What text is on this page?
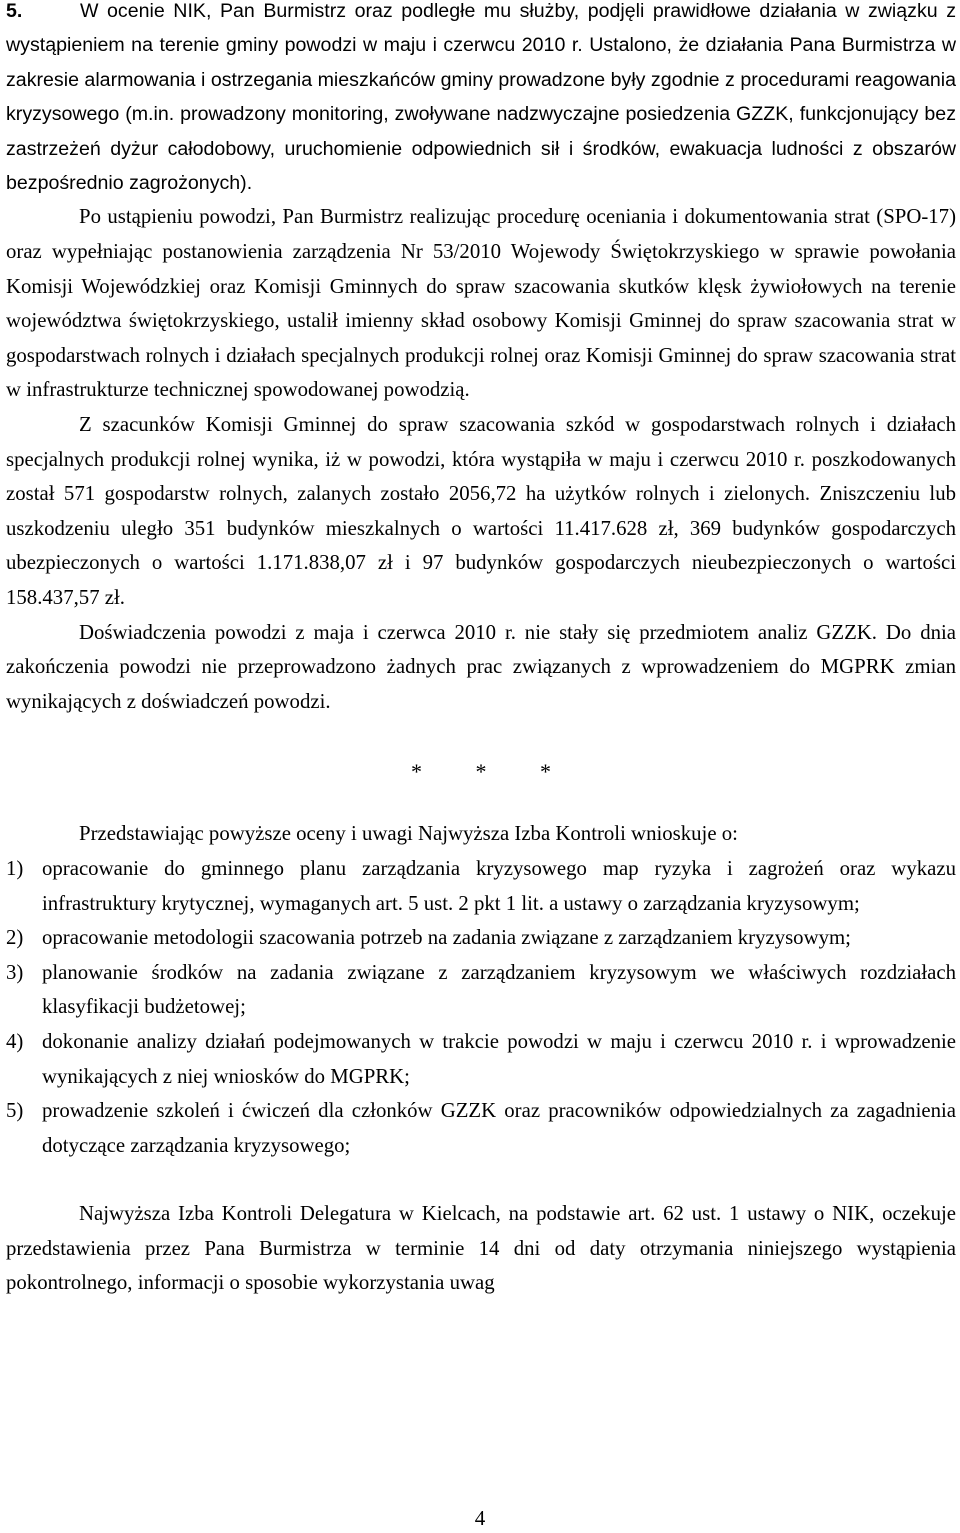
5.	W ocenie NIK, Pan Burmistrz oraz podległe mu służby, podjęli prawidłowe działania w związku z wystąpieniem na terenie gminy powodzi w maju i czerwcu 2010 r. Ustalono, że działania Pana Burmistrza w zakresie alarmowania i ostrzegania mieszkańców gminy prowadzone były zgodnie z procedurami reagowania kryzysowego (m.in. prowadzony monitoring, zwoływane nadzwyczajne posiedzenia GZZK, funkcjonujący bez zastrzeżeń dyżur całodobowy, uruchomienie odpowiednich sił i środków, ewakuacja ludności z obszarów bezpośrednio zagrożonych).

Po ustąpieniu powodzi, Pan Burmistrz realizując procedurę oceniania i dokumentowania strat (SPO-17) oraz wypełniając postanowienia zarządzenia Nr 53/2010 Wojewody Świętokrzyskiego w sprawie powołania Komisji Wojewódzkiej oraz Komisji Gminnych do spraw szacowania skutków klęsk żywiołowych na terenie województwa świętokrzyskiego, ustalił imienny skład osobowy Komisji Gminnej do spraw szacowania strat w gospodarstwach rolnych i działach specjalnych produkcji rolnej oraz Komisji Gminnej do spraw szacowania strat w infrastrukturze technicznej spowodowanej powodzią.

Z szacunków Komisji Gminnej do spraw szacowania szkód w gospodarstwach rolnych i działach specjalnych produkcji rolnej wynika, iż w powodzi, która wystąpiła w maju i czerwcu 2010 r. poszkodowanych został 571 gospodarstw rolnych, zalanych zostało 2056,72 ha użytków rolnych i zielonych. Zniszczeniu lub uszkodzeniu uległo 351 budynków mieszkalnych o wartości 11.417.628 zł, 369 budynków gospodarczych ubezpieczonych o wartości 1.171.838,07 zł i 97 budynków gospodarczych nieubezpieczonych o wartości 158.437,57 zł.

Doświadczenia powodzi z maja i czerwca 2010 r. nie stały się przedmiotem analiz GZZK. Do dnia zakończenia powodzi nie przeprowadzono żadnych prac związanych z wprowadzeniem do MGPRK zmian wynikających z doświadczeń powodzi.

* * *

Przedstawiając powyższe oceny i uwagi Najwyższa Izba Kontroli wnioskuje o:

1) opracowanie do gminnego planu zarządzania kryzysowego map ryzyka i zagrożeń oraz wykazu infrastruktury krytycznej, wymaganych art. 5 ust. 2 pkt 1 lit. a ustawy o zarządzania kryzysowym;
2) opracowanie metodologii szacowania potrzeb na zadania związane z zarządzaniem kryzysowym;
3) planowanie środków na zadania związane z zarządzaniem kryzysowym we właściwych rozdziałach klasyfikacji budżetowej;
4) dokonanie analizy działań podejmowanych w trakcie powodzi w maju i czerwcu 2010 r. i wprowadzenie wynikających z niej wniosków do MGPRK;
5) prowadzenie szkoleń i ćwiczeń dla członków GZZK oraz pracowników odpowiedzialnych za zagadnienia dotyczące zarządzania kryzysowego;

Najwyższa Izba Kontroli Delegatura w Kielcach, na podstawie art. 62 ust. 1 ustawy o NIK, oczekuje przedstawienia przez Pana Burmistrza w terminie 14 dni od daty otrzymania niniejszego wystąpienia pokontrolnego, informacji o sposobie wykorzystania uwag

4
